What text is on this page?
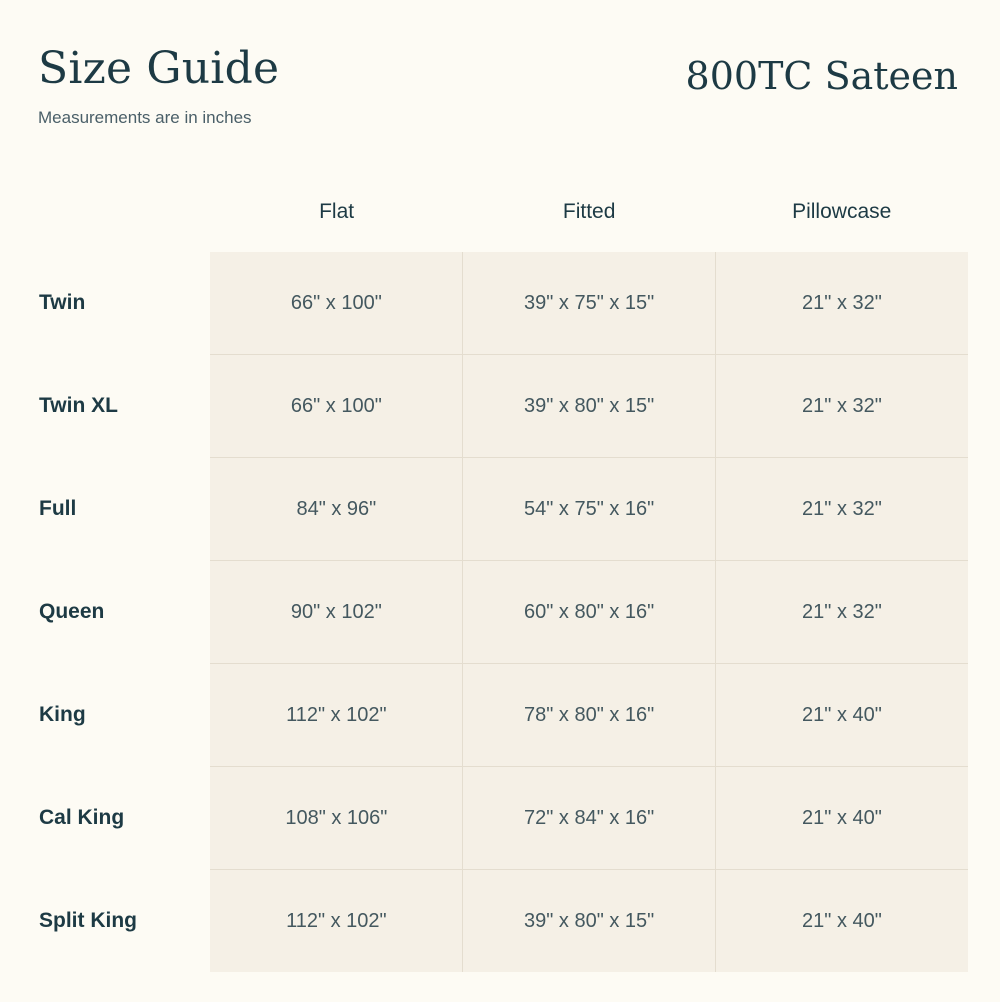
Size Guide
Measurements are in inches
800TC Sateen
	Flat	Fitted	Pillowcase
Twin	66" x 100"	39" x 75" x 15"	21" x 32"
Twin XL	66" x 100"	39" x 80" x 15"	21" x 32"
Full	84" x 96"	54" x 75" x 16"	21" x 32"
Queen	90" x 102"	60" x 80" x 16"	21" x 32"
King	112" x 102"	78" x 80" x 16"	21" x 40"
Cal King	108" x 106"	72" x 84" x 16"	21" x 40"
Split King	112" x 102"	39" x 80" x 15"	21" x 40"
